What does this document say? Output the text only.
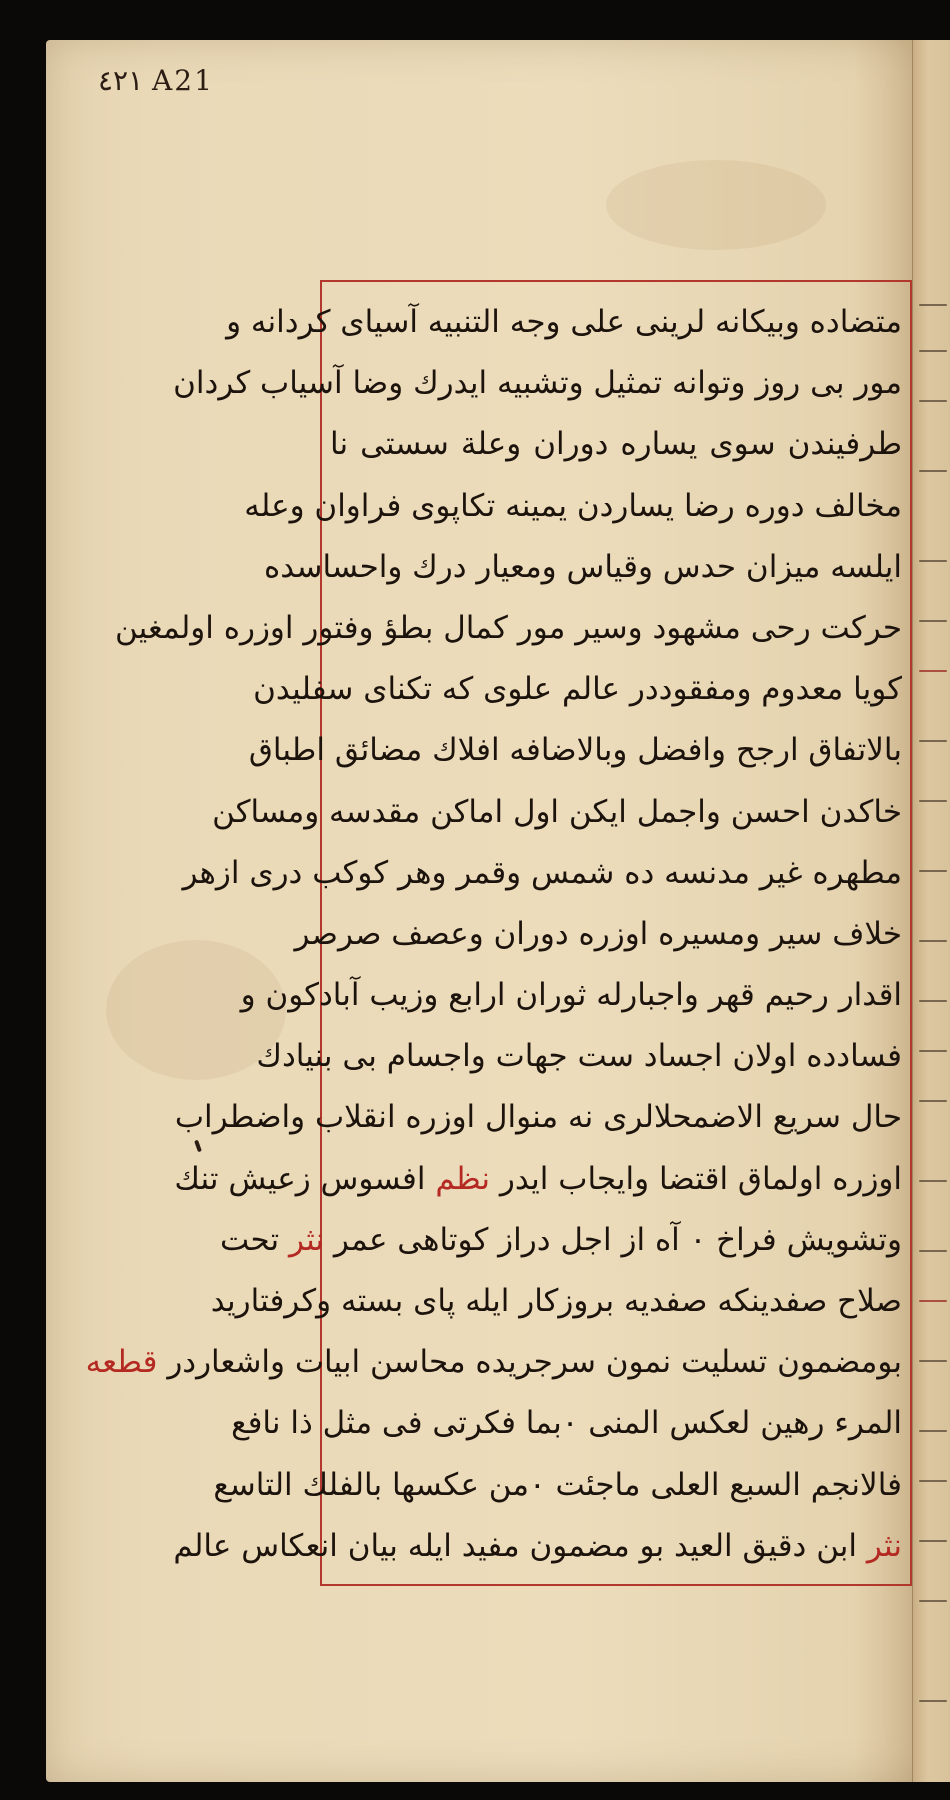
٤٢١ A21
متضاده وبیکانه لرینی علی وجه التنبیه آسیای کردانه و
مور بی روز وتوانه تمثیل وتشبیه ایدرك وضا آسیاب کردان
طرفیندن سوی یساره دوران وعلة سستی نا
مخالف دوره رضا یساردن یمینه تکاپوی فراوان وعله
ایلسه میزان حدس وقیاس ومعیار درك واحساسده
حرکت رحی مشهود وسیر مور کمال بطؤ وفتور اوزره اولمغین
کویا معدوم ومفقوددر عالم علوی که تکنای سفلیدن
بالاتفاق ارجح وافضل وبالاضافه افلاك مضائق اطباق
خاکدن احسن واجمل ایکن اول اماکن مقدسه ومساکن
مطهره غیر مدنسه ده شمس وقمر وهر کوکب دری ازهر
خلاف سیر ومسیره اوزره دوران وعصف صرصر
اقدار رحیم قهر واجبارله ثوران ارابع وزیب آبادکون و
فسادده اولان اجساد ست جهات واجسام بی بنیادك
حال سریع الاضمحلالری نه منوال اوزره انقلاب واضطراب
اوزره اولماق اقتضا وایجاب ایدر نظم افسوس زعیش تنك
وتشویش فراخ ۰ آه از اجل دراز کوتاهی عمر نثر تحت
صلاح صفدینکه صفدیه بروزکار ایله پای بسته وکرفتارید
بومضمون تسلیت نمون سرجریده محاسن ابیات واشعاردر قطعه
المرء رهین لعکس المنی ۰
بما فکرتی فی مثل ذا نافع
فالانجم السبع العلی ماجئت ۰
من عکسها بالفلك التاسع
نثر ابن دقیق العید بو مضمون مفید ایله بیان انعکاس عالم
